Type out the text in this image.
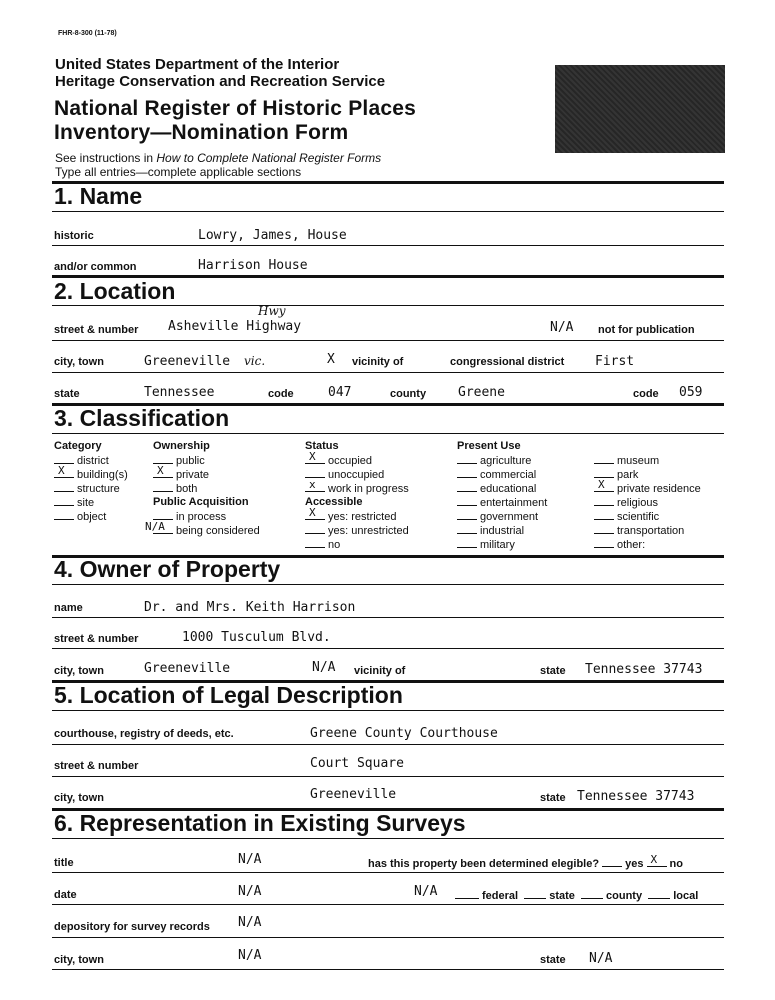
FHR-8-300 (11-78)
United States Department of the Interior
Heritage Conservation and Recreation Service
National Register of Historic Places
Inventory—Nomination Form
See instructions in How to Complete National Register Forms
Type all entries—complete applicable sections
1. Name
historic	Lowry, James, House
and/or common	Harrison House
2. Location
Hwy
street & number Asheville Highway	N/A not for publication
city, town	Greeneville vic.	X vicinity of	congressional district First
state	Tennessee	code	047	county Greene	code 059
3. Classification
Category
district
X building(s)
structure
site
object
Ownership
public
X private
both
Public Acquisition
in process
N/A being considered
Status
X occupied
unoccupied
x work in progress
Accessible
X yes: restricted
yes: unrestricted
no
Present Use
agriculture
commercial
educational
entertainment
government
industrial
military
museum
park
X private residence
religious
scientific
transportation
other:
4. Owner of Property
name	Dr. and Mrs. Keith Harrison
street & number	1000 Tusculum Blvd.
city, town	Greeneville	N/A vicinity of	state Tennessee 37743
5. Location of Legal Description
courthouse, registry of deeds, etc.	Greene County Courthouse
street & number	Court Square
city, town	Greeneville	state Tennessee 37743
6. Representation in Existing Surveys
title	N/A	has this property been determined elegible? yes X no
date	N/A	N/A	federal	state	county	local
depository for survey records N/A
city, town	N/A	state N/A
